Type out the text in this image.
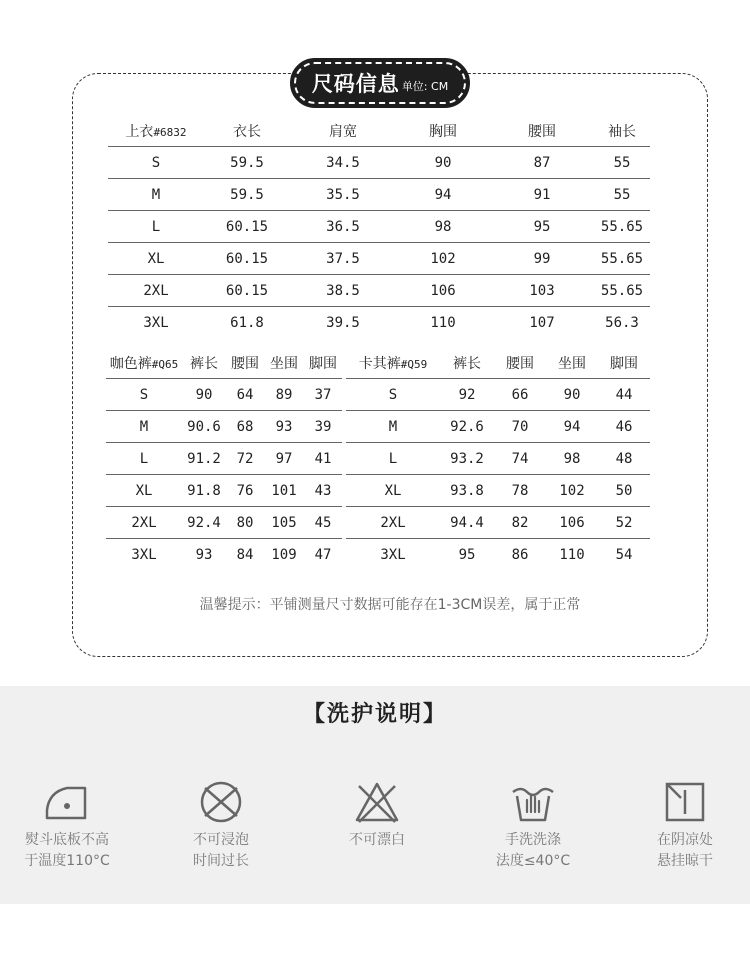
尺码信息 单位: CM
上衣#6832	衣长	肩宽	胸围	腰围	袖长
S	59.5	34.5	90	87	55
M	59.5	35.5	94	91	55
L	60.15	36.5	98	95	55.65
XL	60.15	37.5	102	99	55.65
2XL	60.15	38.5	106	103	55.65
3XL	61.8	39.5	110	107	56.3
咖色裤#Q65	裤长	腰围	坐围	脚围
S	90	64	89	37
M	90.6	68	93	39
L	91.2	72	97	41
XL	91.8	76	101	43
2XL	92.4	80	105	45
3XL	93	84	109	47
卡其裤#Q59	裤长	腰围	坐围	脚围
S	92	66	90	44
M	92.6	70	94	46
L	93.2	74	98	48
XL	93.8	78	102	50
2XL	94.4	82	106	52
3XL	95	86	110	54
温馨提示：平铺测量尺寸数据可能存在1-3CM误差，属于正常
【洗护说明】
熨斗底板不高
于温度110°C
不可浸泡
时间过长
不可漂白	手洗洗涤
法度≤40°C
在阴凉处
悬挂晾干
